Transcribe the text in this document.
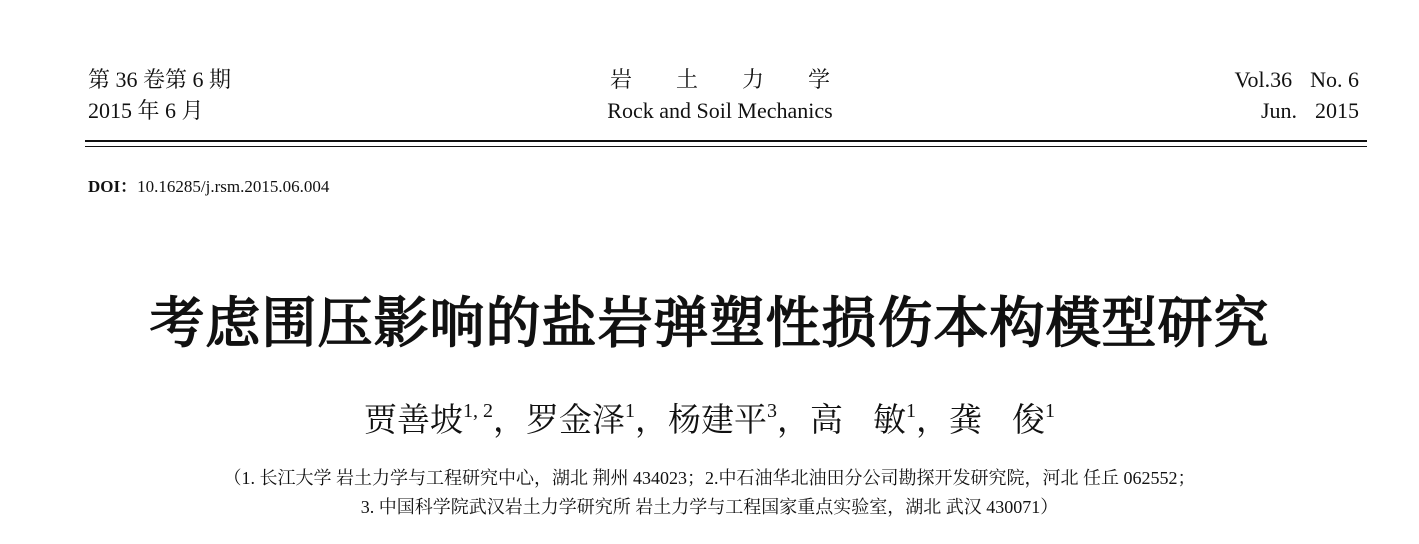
第 36 卷第 6 期
2015 年 6 月
岩土力学
Rock and Soil Mechanics
Vol.36 No. 6
Jun. 2015
DOI：10.16285/j.rsm.2015.06.004
考虑围压影响的盐岩弹塑性损伤本构模型研究
贾善坡$^{1, 2}$，罗金泽$^1$，杨建平$^3$，高 敏$^1$，龚 俊$^1$
（1. 长江大学 岩土力学与工程研究中心，湖北 荆州 434023；2.中石油华北油田分公司勘探开发研究院，河北 任丘 062552；
3. 中国科学院武汉岩土力学研究所 岩土力学与工程国家重点实验室，湖北 武汉 430071）
